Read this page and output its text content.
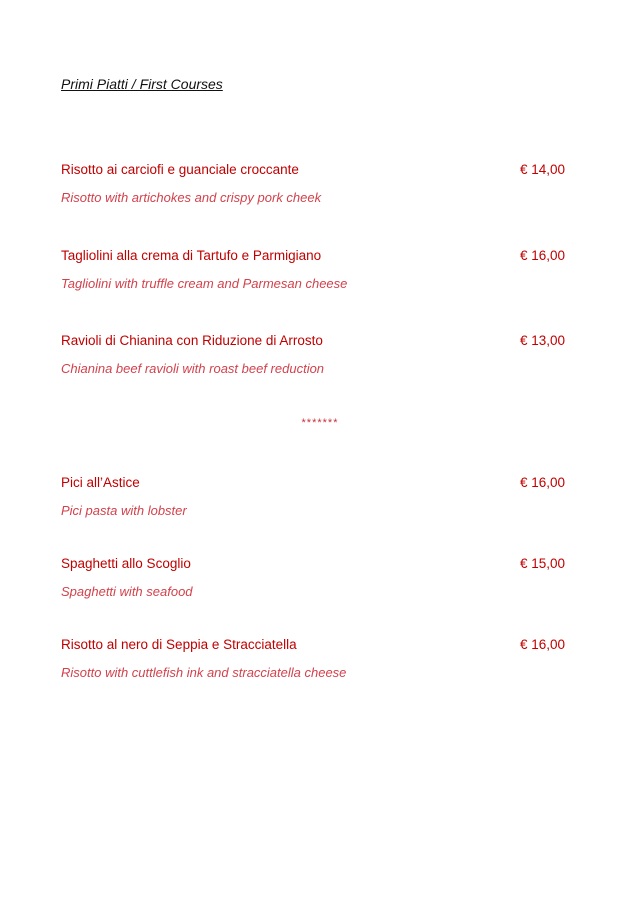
Primi Piatti / First Courses
Risotto ai carciofi e guanciale croccante	€ 14,00
Risotto with artichokes and crispy pork cheek
Tagliolini alla crema di Tartufo e Parmigiano	€ 16,00
Tagliolini with truffle cream and Parmesan cheese
Ravioli di Chianina con Riduzione di Arrosto	€ 13,00
Chianina beef ravioli with roast beef reduction
*******
Pici all’Astice	€ 16,00
Pici pasta with lobster
Spaghetti allo Scoglio	€ 15,00
Spaghetti with seafood
Risotto al nero di Seppia e Stracciatella	€ 16,00
Risotto with cuttlefish ink and stracciatella cheese
